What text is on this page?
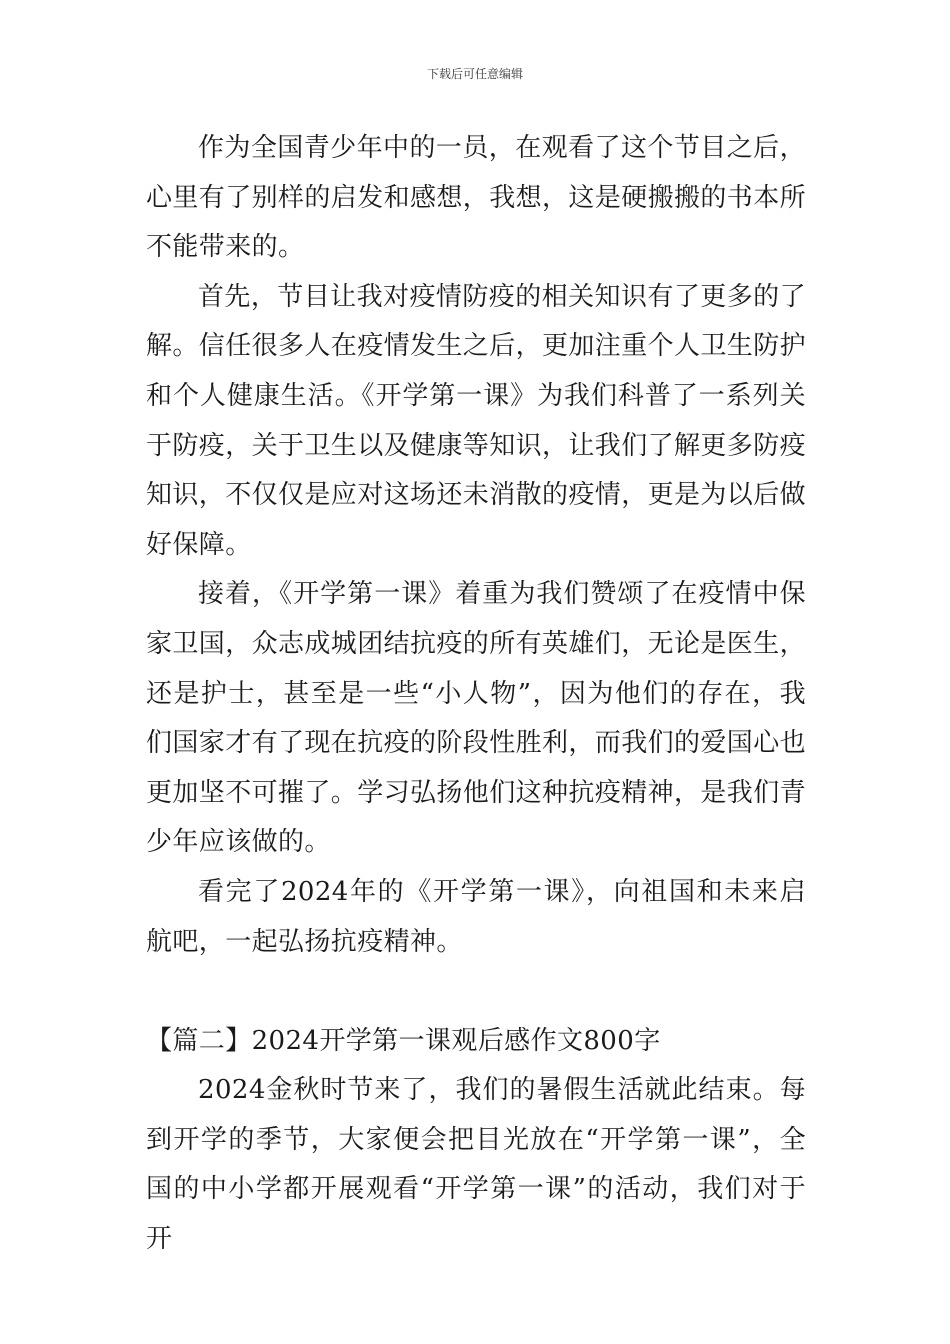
下载后可任意编辑

作为全国青少年中的一员，在观看了这个节目之后，心里有了别样的启发和感想，我想，这是硬搬搬的书本所不能带来的。

首先，节目让我对疫情防疫的相关知识有了更多的了解。信任很多人在疫情发生之后，更加注重个人卫生防护和个人健康生活。《开学第一课》为我们科普了一系列关于防疫，关于卫生以及健康等知识，让我们了解更多防疫知识，不仅仅是应对这场还未消散的疫情，更是为以后做好保障。

接着，《开学第一课》着重为我们赞颂了在疫情中保家卫国，众志成城团结抗疫的所有英雄们，无论是医生，还是护士，甚至是一些“小人物”，因为他们的存在，我们国家才有了现在抗疫的阶段性胜利，而我们的爱国心也更加坚不可摧了。学习弘扬他们这种抗疫精神，是我们青少年应该做的。

看完了2024年的《开学第一课》，向祖国和未来启航吧，一起弘扬抗疫精神。

【篇二】2024开学第一课观后感作文800字

2024金秋时节来了，我们的暑假生活就此结束。每到开学的季节，大家便会把目光放在“开学第一课”，全国的中小学都开展观看“开学第一课”的活动，我们对于开
